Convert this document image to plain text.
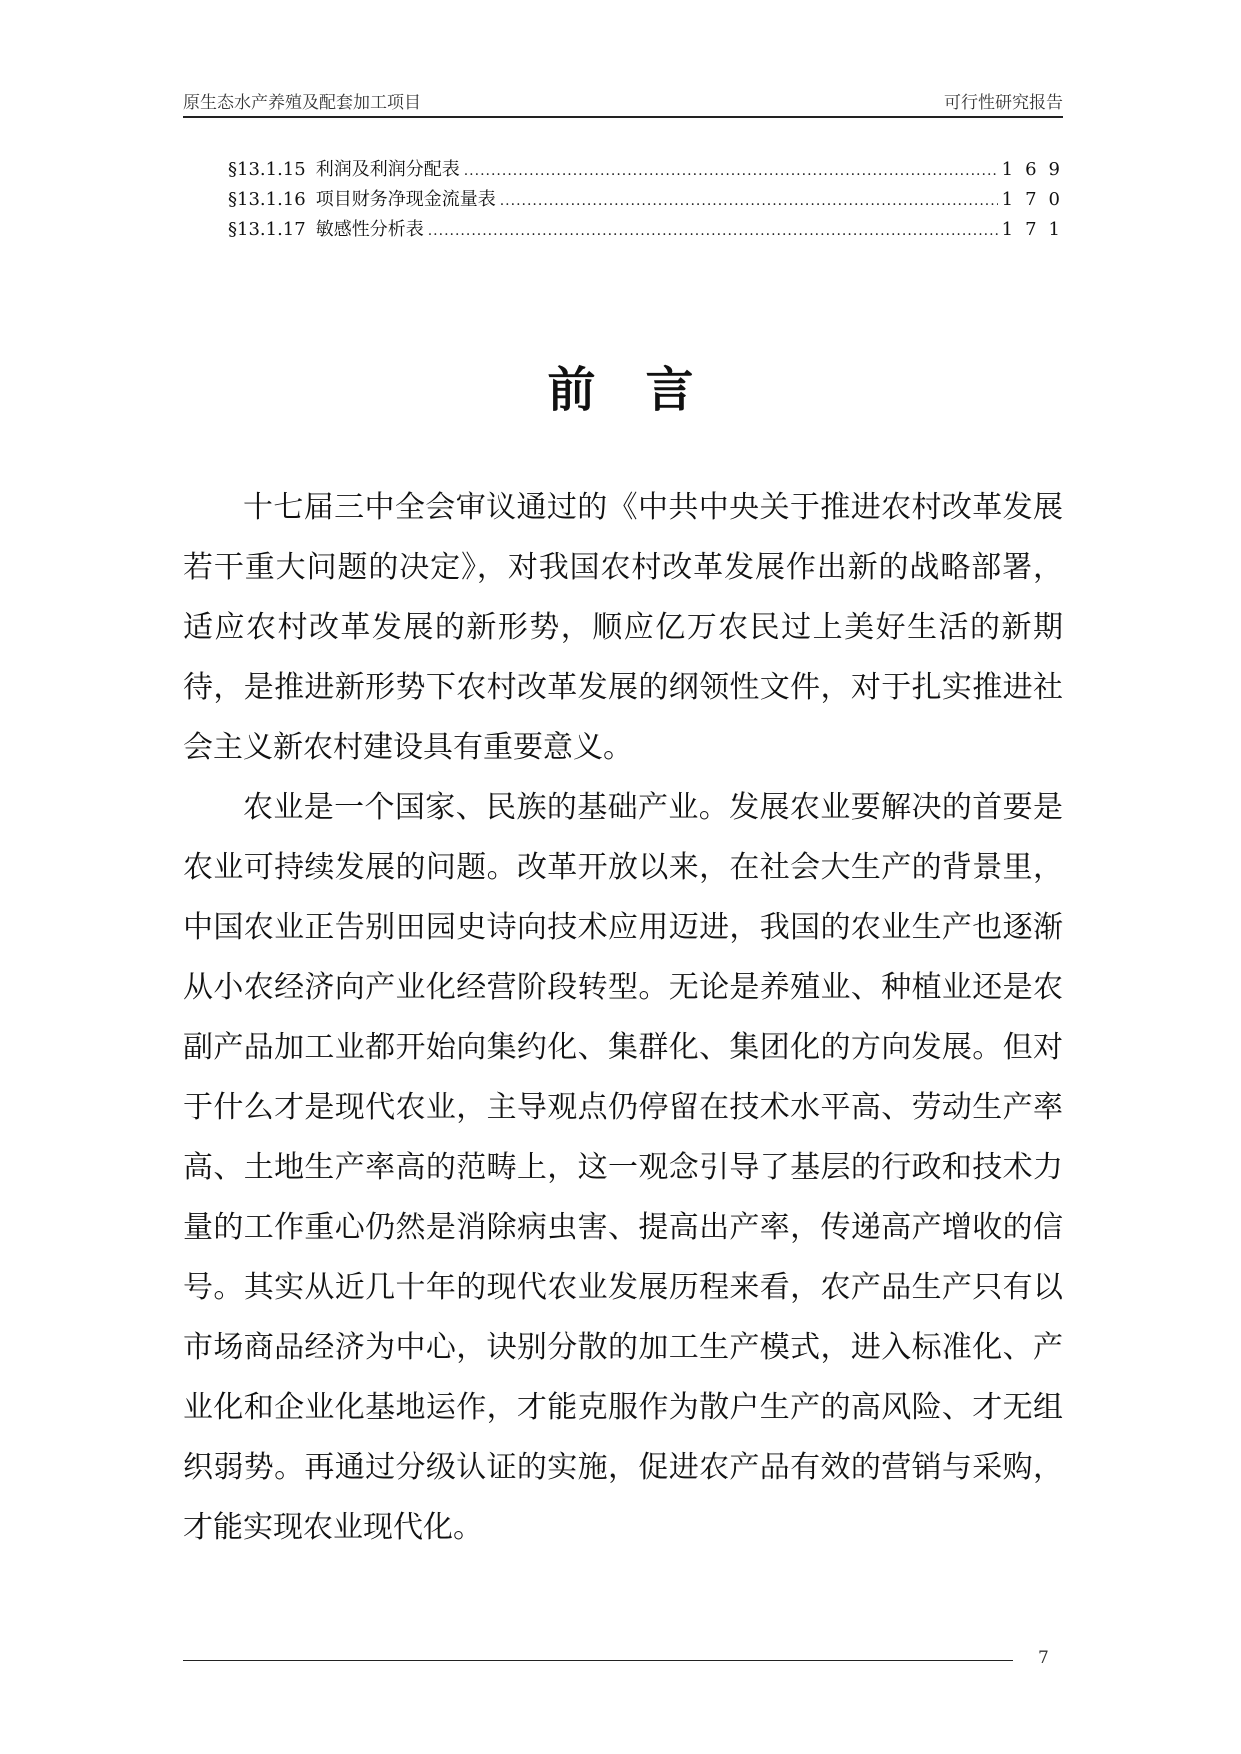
原生态水产养殖及配套加工项目	可行性研究报告
§13.1.15 利润及利润分配表 .....	169
§13.1.16 项目财务净现金流量表 .....	170
§13.1.17 敏感性分析表 .....	171
前言

十七届三中全会审议通过的《中共中央关于推进农村改革发展若干重大问题的决定》，对我国农村改革发展作出新的战略部署，适应农村改革发展的新形势，顺应亿万农民过上美好生活的新期待，是推进新形势下农村改革发展的纲领性文件，对于扎实推进社会主义新农村建设具有重要意义。

农业是一个国家、民族的基础产业。发展农业要解决的首要是农业可持续发展的问题。改革开放以来，在社会大生产的背景里，中国农业正告别田园史诗向技术应用迈进，我国的农业生产也逐渐从小农经济向产业化经营阶段转型。无论是养殖业、种植业还是农副产品加工业都开始向集约化、集群化、集团化的方向发展。但对于什么才是现代农业，主导观点仍停留在技术水平高、劳动生产率高、土地生产率高的范畴上，这一观念引导了基层的行政和技术力量的工作重心仍然是消除病虫害、提高出产率，传递高产增收的信号。其实从近几十年的现代农业发展历程来看，农产品生产只有以市场商品经济为中心，诀别分散的加工生产模式，进入标准化、产业化和企业化基地运作，才能克服作为散户生产的高风险、才无组织弱势。再通过分级认证的实施，促进农产品有效的营销与采购，才能实现农业现代化。

7
